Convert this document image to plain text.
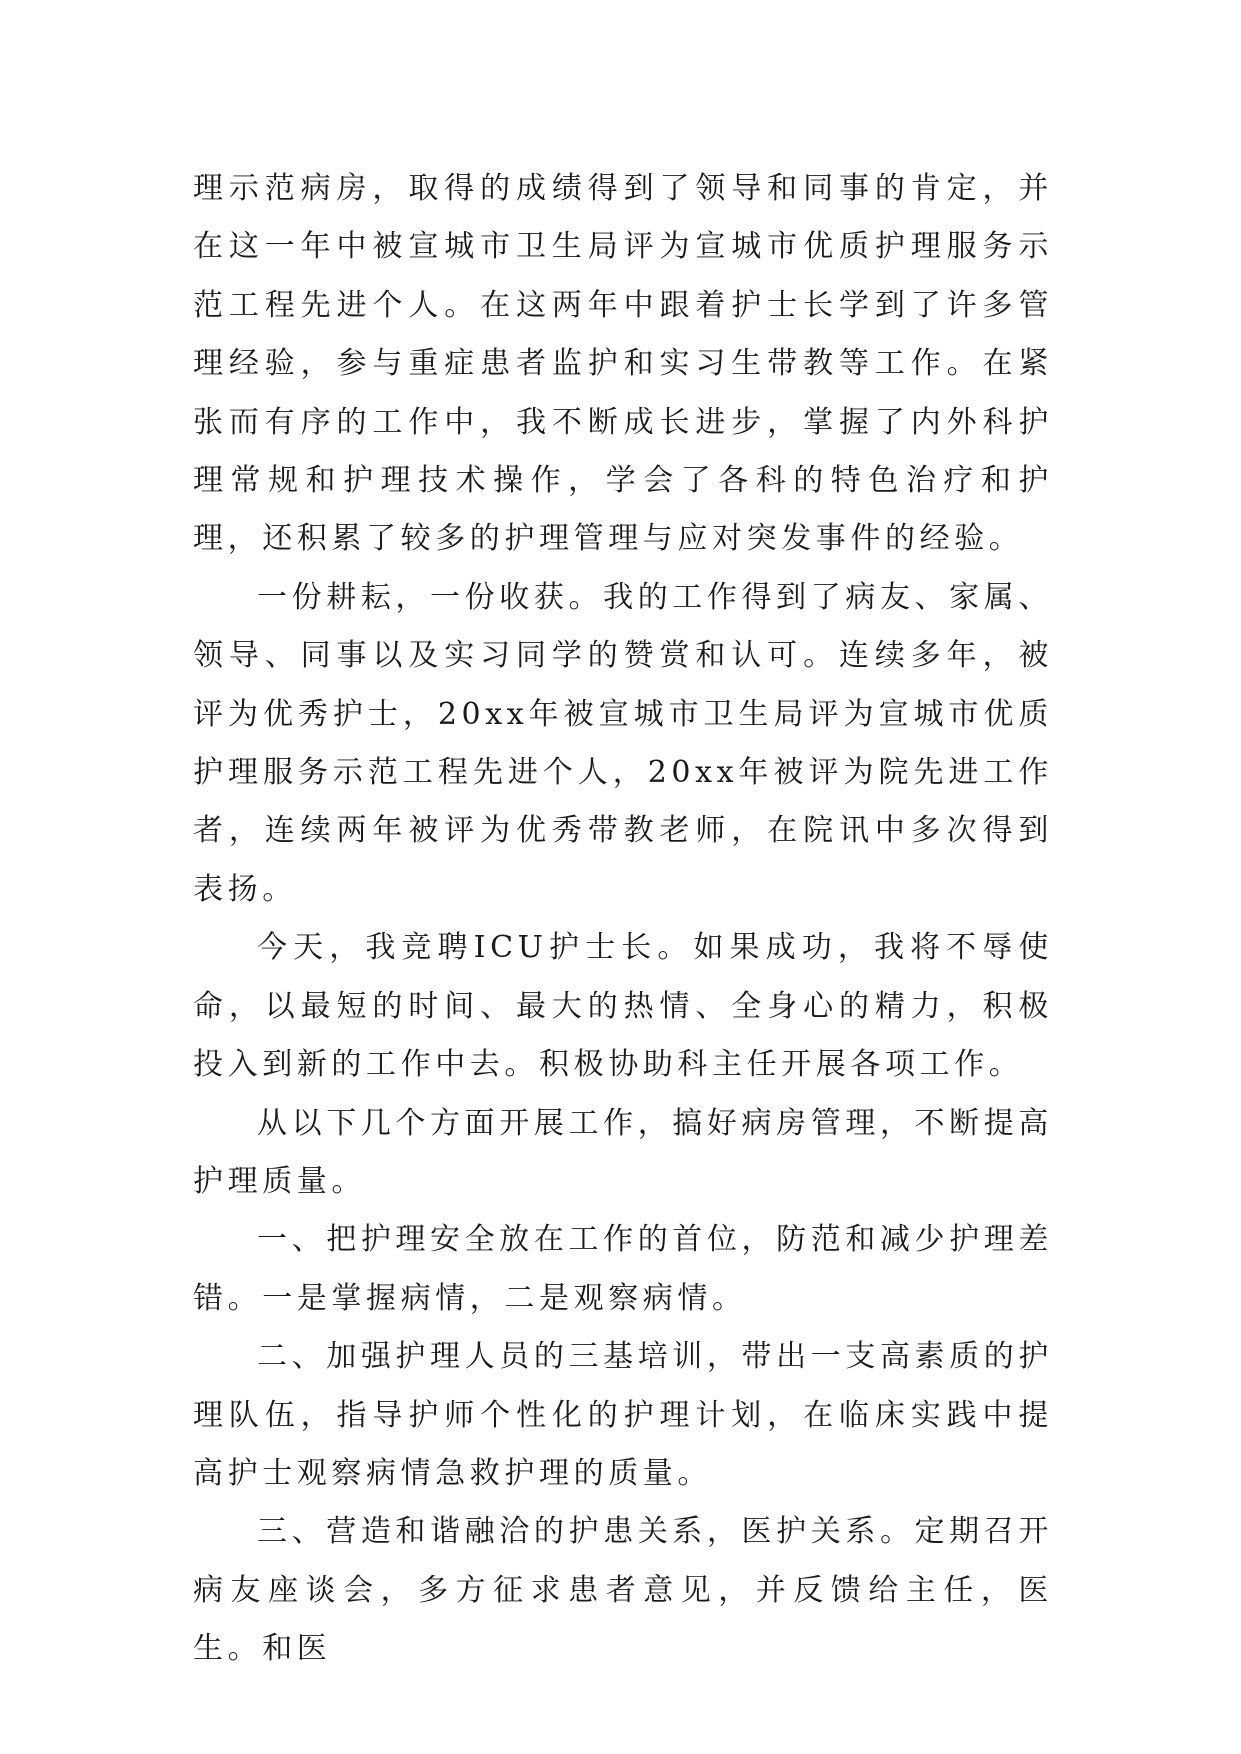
理示范病房，取得的成绩得到了领导和同事的肯定，并在这一年中被宣城市卫生局评为宣城市优质护理服务示范工程先进个人。在这两年中跟着护士长学到了许多管理经验，参与重症患者监护和实习生带教等工作。在紧张而有序的工作中，我不断成长进步，掌握了内外科护理常规和护理技术操作，学会了各科的特色治疗和护理，还积累了较多的护理管理与应对突发事件的经验。

一份耕耘，一份收获。我的工作得到了病友、家属、领导、同事以及实习同学的赞赏和认可。连续多年，被评为优秀护士，20xx年被宣城市卫生局评为宣城市优质护理服务示范工程先进个人，20xx年被评为院先进工作者，连续两年被评为优秀带教老师，在院讯中多次得到表扬。

今天，我竞聘ICU护士长。如果成功，我将不辱使命，以最短的时间、最大的热情、全身心的精力，积极投入到新的工作中去。积极协助科主任开展各项工作。

从以下几个方面开展工作，搞好病房管理，不断提高护理质量。

一、把护理安全放在工作的首位，防范和减少护理差错。一是掌握病情，二是观察病情。

二、加强护理人员的三基培训，带出一支高素质的护理队伍，指导护师个性化的护理计划，在临床实践中提高护士观察病情急救护理的质量。

三、营造和谐融洽的护患关系，医护关系。定期召开病友座谈会，多方征求患者意见，并反馈给主任，医生。和医
